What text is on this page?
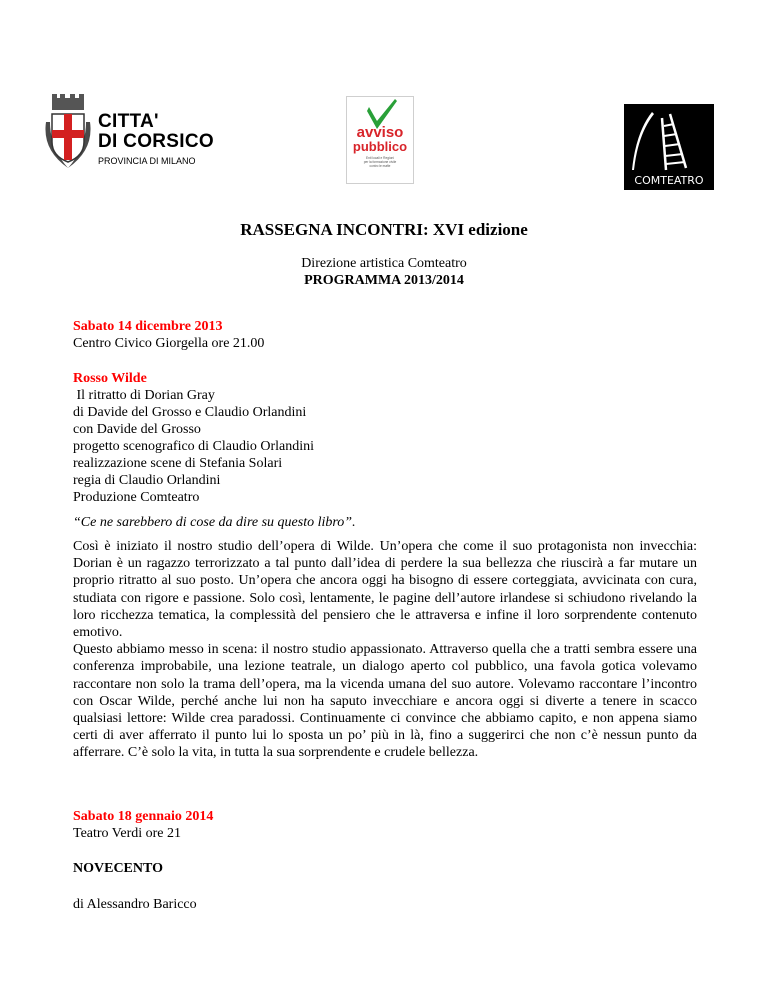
CITTA'
DI CORSICO
PROVINCIA DI MILANO
avviso
pubblico
Enti locali e Regioni
per la formazione civile
contro le mafie
COMTEATRO
RASSEGNA INCONTRI: XVI edizione
Direzione artistica Comteatro
PROGRAMMA 2013/2014
Sabato 14 dicembre 2013
Centro Civico Giorgella ore 21.00
Rosso Wilde
Il ritratto di Dorian Gray
di Davide del Grosso e Claudio Orlandini
con Davide del Grosso
progetto scenografico di Claudio Orlandini
realizzazione scene di Stefania Solari
regia di Claudio Orlandini
Produzione Comteatro
“Ce ne sarebbero di cose da dire su questo libro”.

Così è iniziato il nostro studio dell’opera di Wilde. Un’opera che come il suo protagonista non invecchia: Dorian è un ragazzo terrorizzato a tal punto dall’idea di perdere la sua bellezza che riuscirà a far mutare un proprio ritratto al suo posto. Un’opera che ancora oggi ha bisogno di essere corteggiata, avvicinata con cura, studiata con rigore e passione. Solo così, lentamente, le pagine dell’autore irlandese si schiudono rivelando la loro ricchezza tematica, la complessità del pensiero che le attraversa e infine il loro sorprendente contenuto emotivo.

Questo abbiamo messo in scena: il nostro studio appassionato. Attraverso quella che a tratti sembra essere una conferenza improbabile, una lezione teatrale, un dialogo aperto col pubblico, una favola gotica volevamo raccontare non solo la trama dell’opera, ma la vicenda umana del suo autore. Volevamo raccontare l’incontro con Oscar Wilde, perché anche lui non ha saputo invecchiare e ancora oggi si diverte a tenere in scacco qualsiasi lettore: Wilde crea paradossi. Continuamente ci convince che abbiamo capito, e non appena siamo certi di aver afferrato il punto lui lo sposta un po’ più in là, fino a suggerirci che non c’è nessun punto da afferrare. C’è solo la vita, in tutta la sua sorprendente e crudele bellezza.

Sabato 18 gennaio 2014
Teatro Verdi ore 21
NOVECENTO
di Alessandro Baricco
